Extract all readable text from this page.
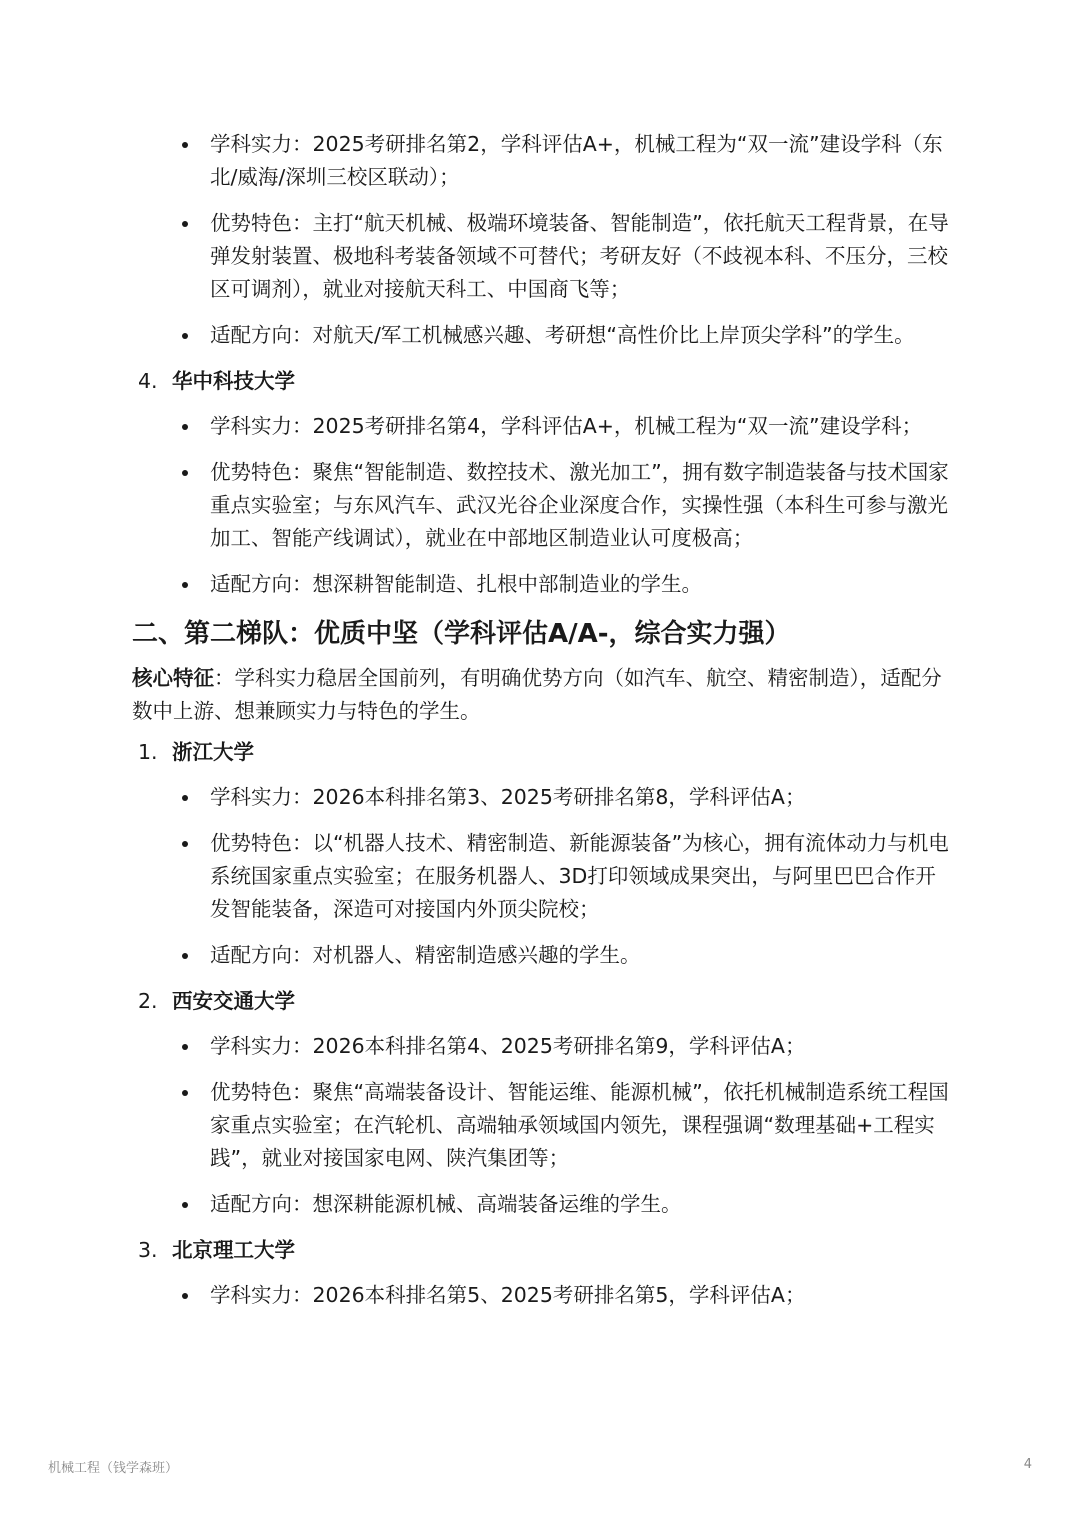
学科实力：2025考研排名第2，学科评估A+，机械工程为“双一流”建设学科（东北/威海/深圳三校区联动）；
优势特色：主打“航天机械、极端环境装备、智能制造”，依托航天工程背景，在导弹发射装置、极地科考装备领域不可替代；考研友好（不歧视本科、不压分，三校区可调剂），就业对接航天科工、中国商飞等；
适配方向：对航天/军工机械感兴趣、考研想“高性价比上岸顶尖学科”的学生。
4. 华中科技大学
学科实力：2025考研排名第4，学科评估A+，机械工程为“双一流”建设学科；
优势特色：聚焦“智能制造、数控技术、激光加工”，拥有数字制造装备与技术国家重点实验室；与东风汽车、武汉光谷企业深度合作，实操性强（本科生可参与激光加工、智能产线调试），就业在中部地区制造业认可度极高；
适配方向：想深耕智能制造、扎根中部制造业的学生。
二、第二梯队：优质中坚（学科评估A/A-，综合实力强）

核心特征：学科实力稳居全国前列，有明确优势方向（如汽车、航空、精密制造），适配分数中上游、想兼顾实力与特色的学生。

1. 浙江大学
学科实力：2026本科排名第3、2025考研排名第8，学科评估A；
优势特色：以“机器人技术、精密制造、新能源装备”为核心，拥有流体动力与机电系统国家重点实验室；在服务机器人、3D打印领域成果突出，与阿里巴巴合作开发智能装备，深造可对接国内外顶尖院校；
适配方向：对机器人、精密制造感兴趣的学生。
2. 西安交通大学
学科实力：2026本科排名第4、2025考研排名第9，学科评估A；
优势特色：聚焦“高端装备设计、智能运维、能源机械”，依托机械制造系统工程国家重点实验室；在汽轮机、高端轴承领域国内领先，课程强调“数理基础+工程实践”，就业对接国家电网、陕汽集团等；
适配方向：想深耕能源机械、高端装备运维的学生。
3. 北京理工大学
学科实力：2026本科排名第5、2025考研排名第5，学科评估A；
机械工程（钱学森班）	4
